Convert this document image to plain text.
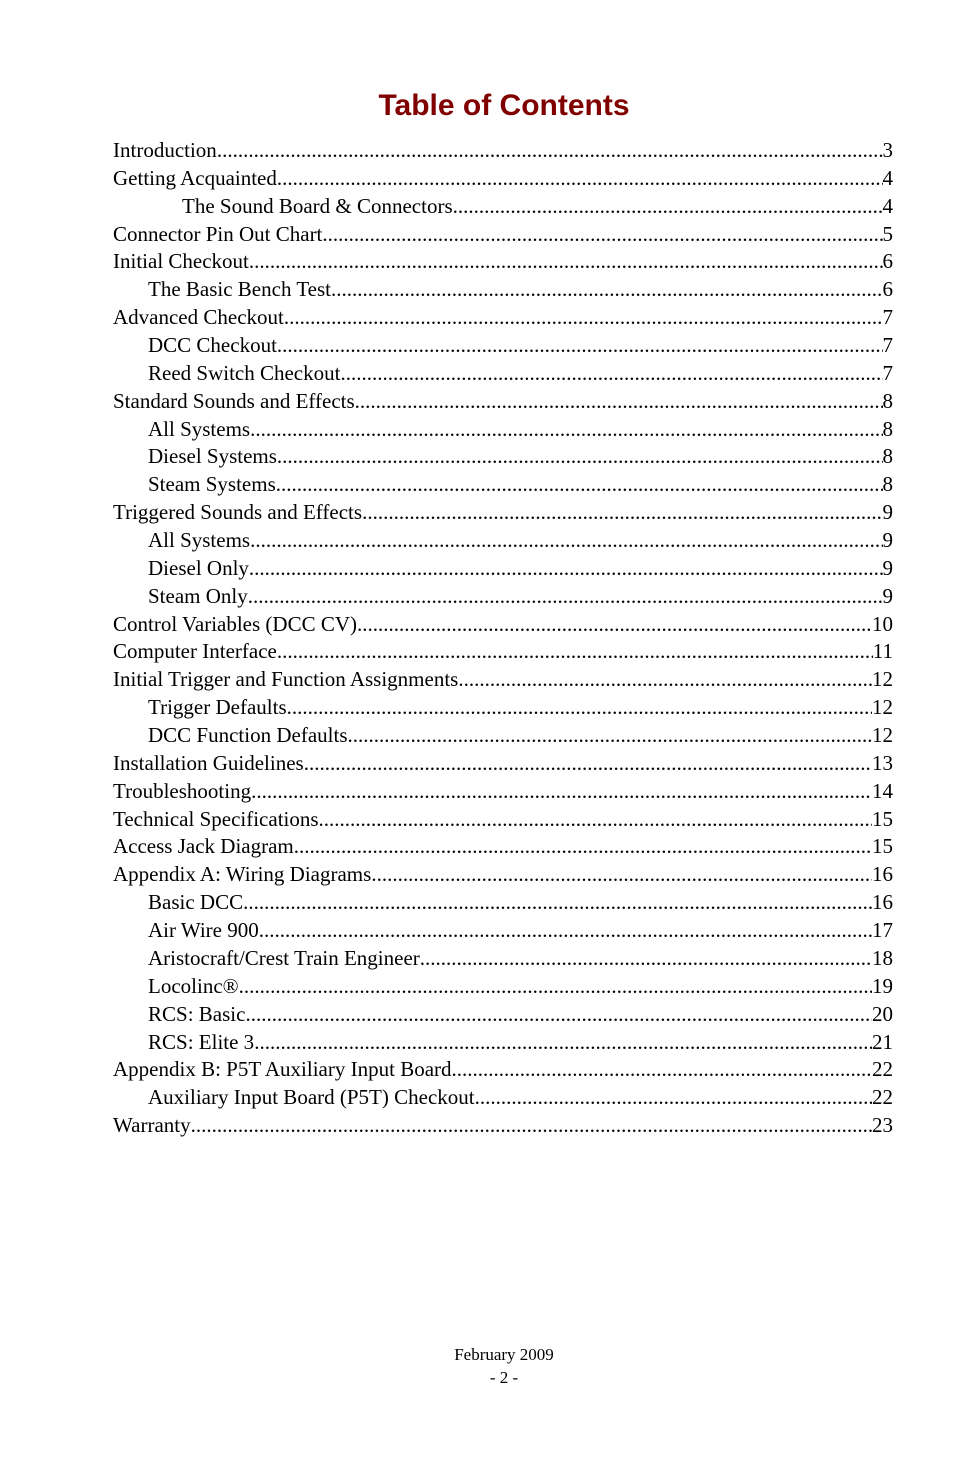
Table of Contents
Introduction .....	3
Getting Acquainted .....	4
The Sound Board & Connectors .....	4
Connector Pin Out Chart .....	5
Initial Checkout .....	6
The Basic Bench Test .....	6
Advanced Checkout .....	7
DCC Checkout .....	7
Reed Switch Checkout .....	7
Standard Sounds and Effects .....	8
All Systems .....	8
Diesel Systems .....	8
Steam Systems .....	8
Triggered Sounds and Effects .....	9
All Systems .....	9
Diesel Only .....	9
Steam Only .....	9
Control Variables (DCC CV) .....	10
Computer Interface .....	11
Initial Trigger and Function Assignments .....	12
Trigger Defaults .....	12
DCC Function Defaults .....	12
Installation Guidelines .....	13
Troubleshooting .....	14
Technical Specifications .....	15
Access Jack Diagram .....	15
Appendix A: Wiring Diagrams .....	16
Basic DCC .....	16
Air Wire 900 .....	17
Aristocraft/Crest Train Engineer .....	18
Locolinc® .....	19
RCS: Basic .....	20
RCS: Elite 3 .....	21
Appendix B: P5T Auxiliary Input Board .....	22
Auxiliary Input Board (P5T) Checkout .....	22
Warranty .....	23
February 2009
- 2 -
